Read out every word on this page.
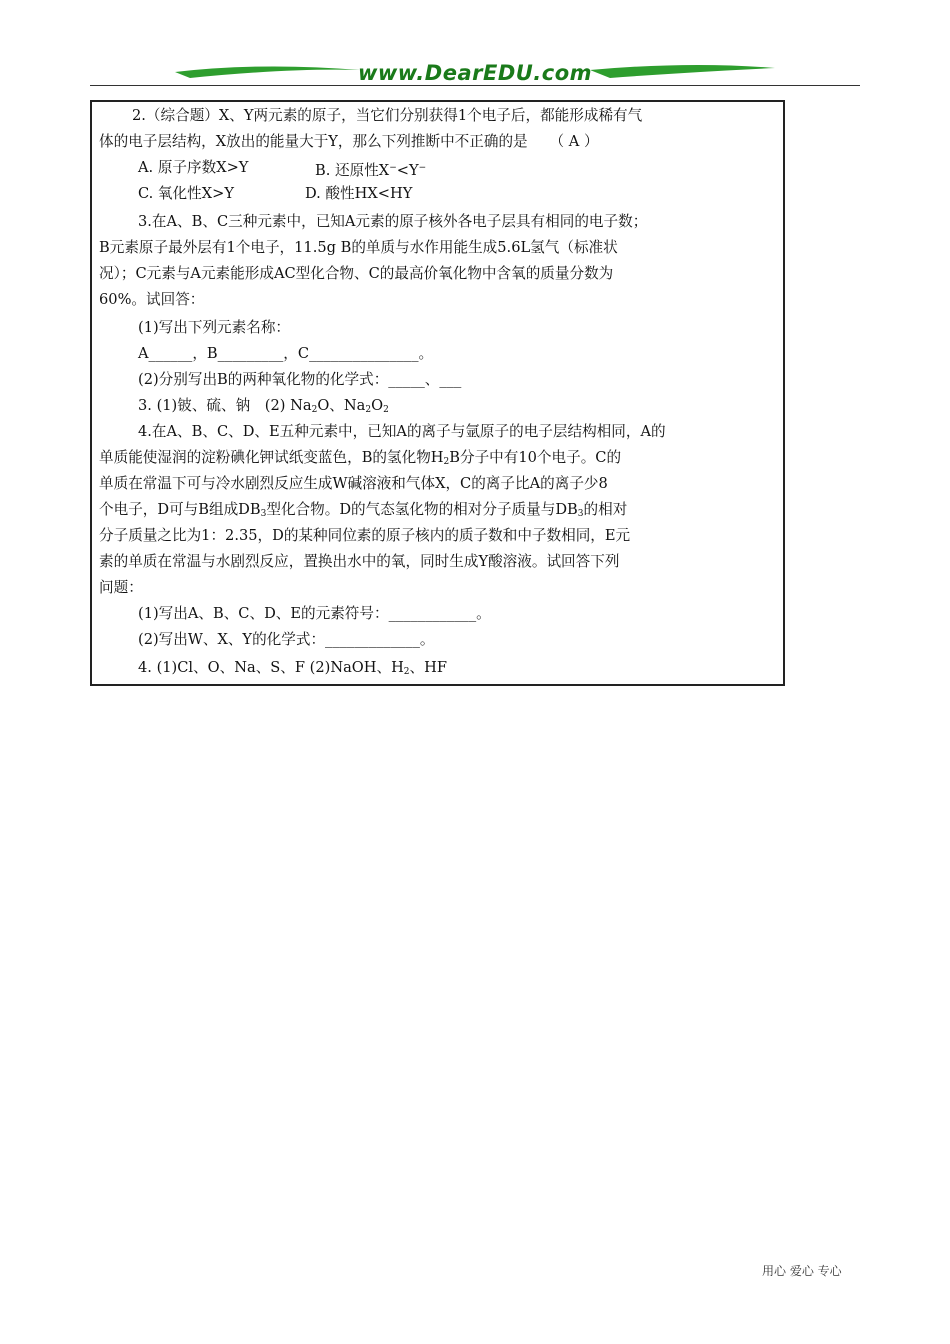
www.DearEDU.com
2.（综合题）X、Y两元素的原子，当它们分别获得1个电子后，都能形成稀有气
体的电子层结构，X放出的能量大于Y，那么下列推断中不正确的是　　（ A ）
A. 原子序数X>Y	B. 还原性X−<Y−
C. 氧化性X>Y	D. 酸性HX<HY
3.在A、B、C三种元素中，已知A元素的原子核外各电子层具有相同的电子数；
B元素原子最外层有1个电子，11.5g B的单质与水作用能生成5.6L氢气（标准状
况）；C元素与A元素能形成AC型化合物、C的最高价氧化物中含氧的质量分数为
60%。试回答：
(1)写出下列元素名称：
A______，B_________，C_______________。
(2)分别写出B的两种氧化物的化学式：_____、___
3. (1)铍、硫、钠　(2) $Na_2O$、$Na_2O_2$
4.在A、B、C、D、E五种元素中，已知A的离子与氩原子的电子层结构相同，A的
单质能使湿润的淀粉碘化钾试纸变蓝色，B的氢化物$H_2B$分子中有10个电子。C的
单质在常温下可与冷水剧烈反应生成W碱溶液和气体X，C的离子比A的离子少8
个电子，D可与B组成$DB_3$型化合物。D的气态氢化物的相对分子质量与$DB_3$的相对
分子质量之比为1：2.35，D的某种同位素的原子核内的质子数和中子数相同，E元
素的单质在常温与水剧烈反应，置换出水中的氧，同时生成Y酸溶液。试回答下列
问题：
(1)写出A、B、C、D、E的元素符号：____________。
(2)写出W、X、Y的化学式：_____________。
4. (1)Cl、O、Na、S、F (2)NaOH、$H_2$、HF
用心 爱心 专心
